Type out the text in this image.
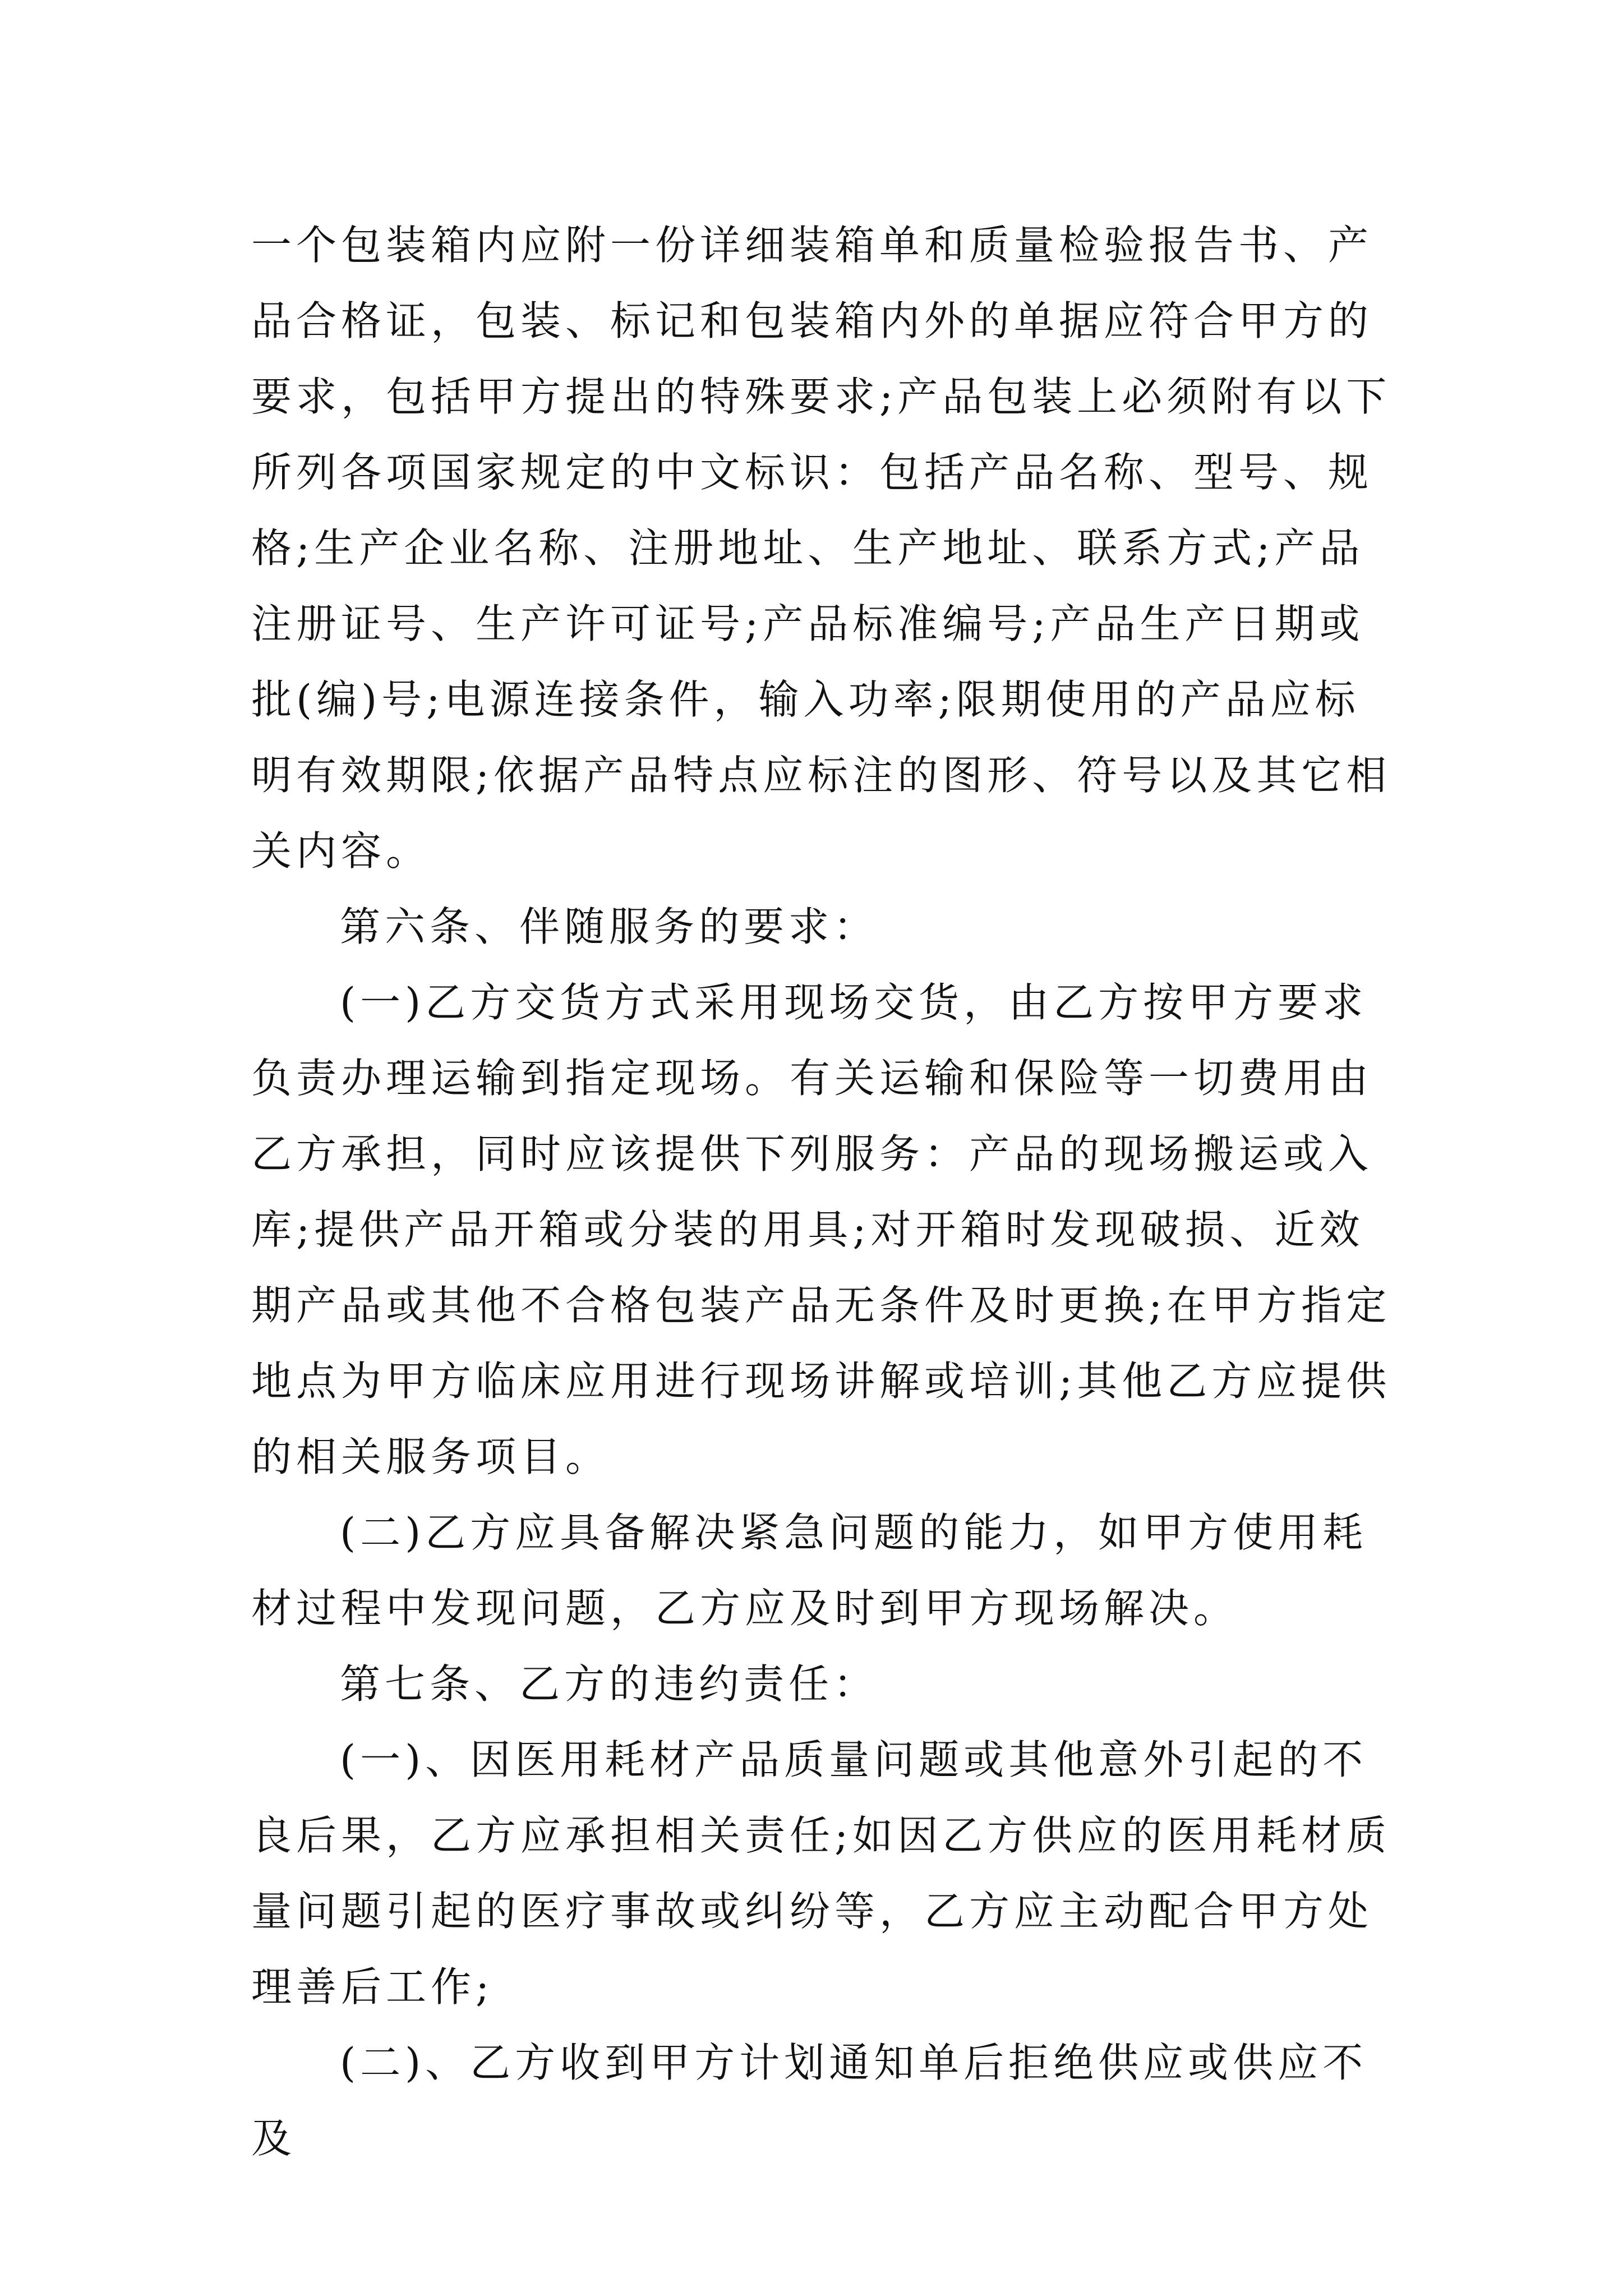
一个包装箱内应附一份详细装箱单和质量检验报告书、产品合格证，包装、标记和包装箱内外的单据应符合甲方的要求，包括甲方提出的特殊要求;产品包装上必须附有以下所列各项国家规定的中文标识：包括产品名称、型号、规格;生产企业名称、注册地址、生产地址、联系方式;产品注册证号、生产许可证号;产品标准编号;产品生产日期或批(编)号;电源连接条件，输入功率;限期使用的产品应标明有效期限;依据产品特点应标注的图形、符号以及其它相关内容。

第六条、伴随服务的要求：

(一)乙方交货方式采用现场交货，由乙方按甲方要求负责办理运输到指定现场。有关运输和保险等一切费用由乙方承担，同时应该提供下列服务：产品的现场搬运或入库;提供产品开箱或分装的用具;对开箱时发现破损、近效期产品或其他不合格包装产品无条件及时更换;在甲方指定地点为甲方临床应用进行现场讲解或培训;其他乙方应提供的相关服务项目。

(二)乙方应具备解决紧急问题的能力，如甲方使用耗材过程中发现问题，乙方应及时到甲方现场解决。

第七条、乙方的违约责任：

(一)、因医用耗材产品质量问题或其他意外引起的不良后果，乙方应承担相关责任;如因乙方供应的医用耗材质量问题引起的医疗事故或纠纷等，乙方应主动配合甲方处理善后工作;

(二)、乙方收到甲方计划通知单后拒绝供应或供应不及
